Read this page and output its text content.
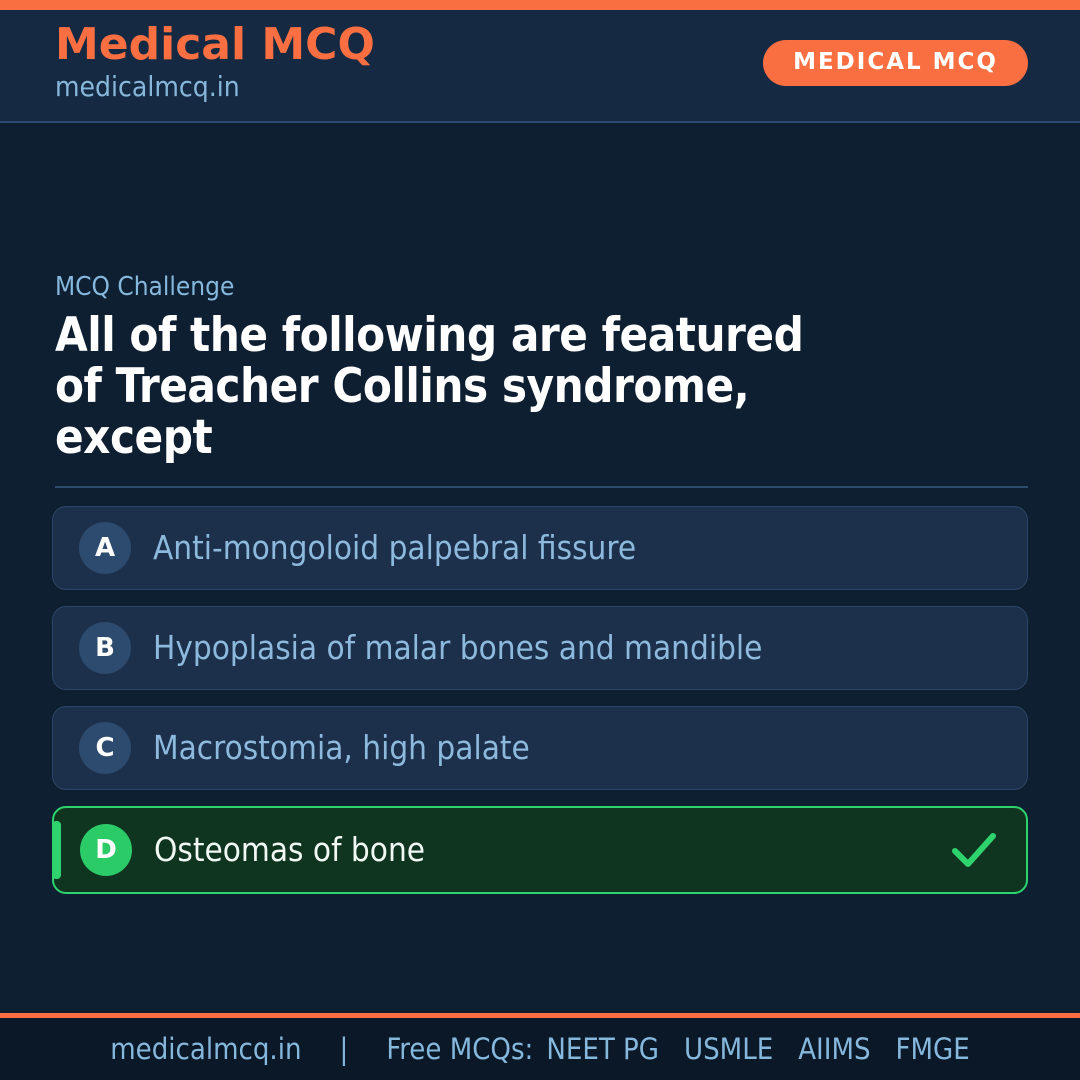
Medical MCQ
medicalmcq.in
MEDICAL MCQ
MCQ Challenge
All of the following are featured
of Treacher Collins syndrome,
except
A	Anti-mongoloid palpebral fissure
B	Hypoplasia of malar bones and mandible
C	Macrostomia, high palate
D	Osteomas of bone
medicalmcq.in | Free MCQs: NEET PG USMLE AIIMS FMGE
